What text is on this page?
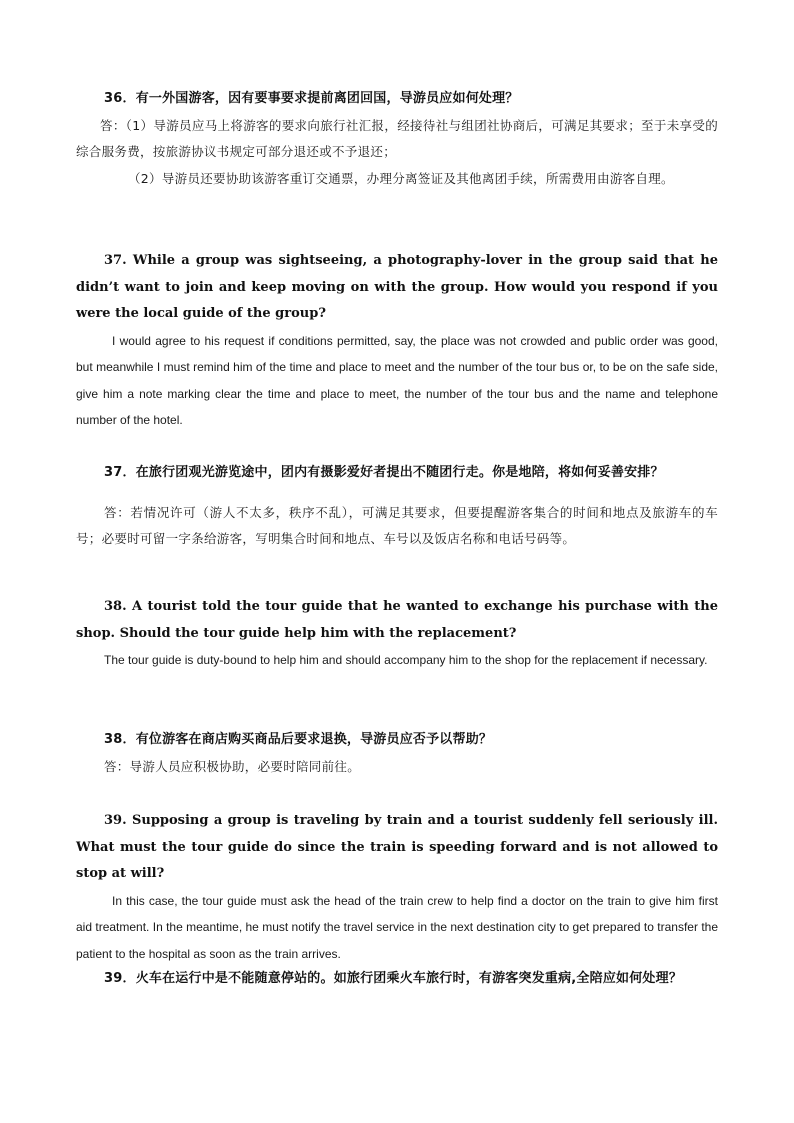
36．有一外国游客，因有要事要求提前离团回国，导游员应如何处理？

答：（1）导游员应马上将游客的要求向旅行社汇报，经接待社与组团社协商后，可满足其要求；至于未享受的综合服务费，按旅游协议书规定可部分退还或不予退还；

（2）导游员还要协助该游客重订交通票，办理分离签证及其他离团手续，所需费用由游客自理。

37. While a group was sightseeing, a photography-lover in the group said that he didn’t want to join and keep moving on with the group. How would you respond if you were the local guide of the group?

I would agree to his request if conditions permitted, say, the place was not crowded and public order was good, but meanwhile I must remind him of the time and place to meet and the number of the tour bus or, to be on the safe side, give him a note marking clear the time and place to meet, the number of the tour bus and the name and telephone number of the hotel.

37．在旅行团观光游览途中，团内有摄影爱好者提出不随团行走。你是地陪，将如何妥善安排？

答：若情况许可（游人不太多，秩序不乱），可满足其要求，但要提醒游客集合的时间和地点及旅游车的车号；必要时可留一字条给游客，写明集合时间和地点、车号以及饭店名称和电话号码等。

38. A tourist told the tour guide that he wanted to exchange his purchase with the shop. Should the tour guide help him with the replacement?

The tour guide is duty-bound to help him and should accompany him to the shop for the replacement if necessary.

38．有位游客在商店购买商品后要求退换，导游员应否予以帮助？

答：导游人员应积极协助，必要时陪同前往。

39. Supposing a group is traveling by train and a tourist suddenly fell seriously ill. What must the tour guide do since the train is speeding forward and is not allowed to stop at will?

In this case, the tour guide must ask the head of the train crew to help find a doctor on the train to give him first aid treatment. In the meantime, he must notify the travel service in the next destination city to get prepared to transfer the patient to the hospital as soon as the train arrives.

39．火车在运行中是不能随意停站的。如旅行团乘火车旅行时，有游客突发重病,全陪应如何处理？
